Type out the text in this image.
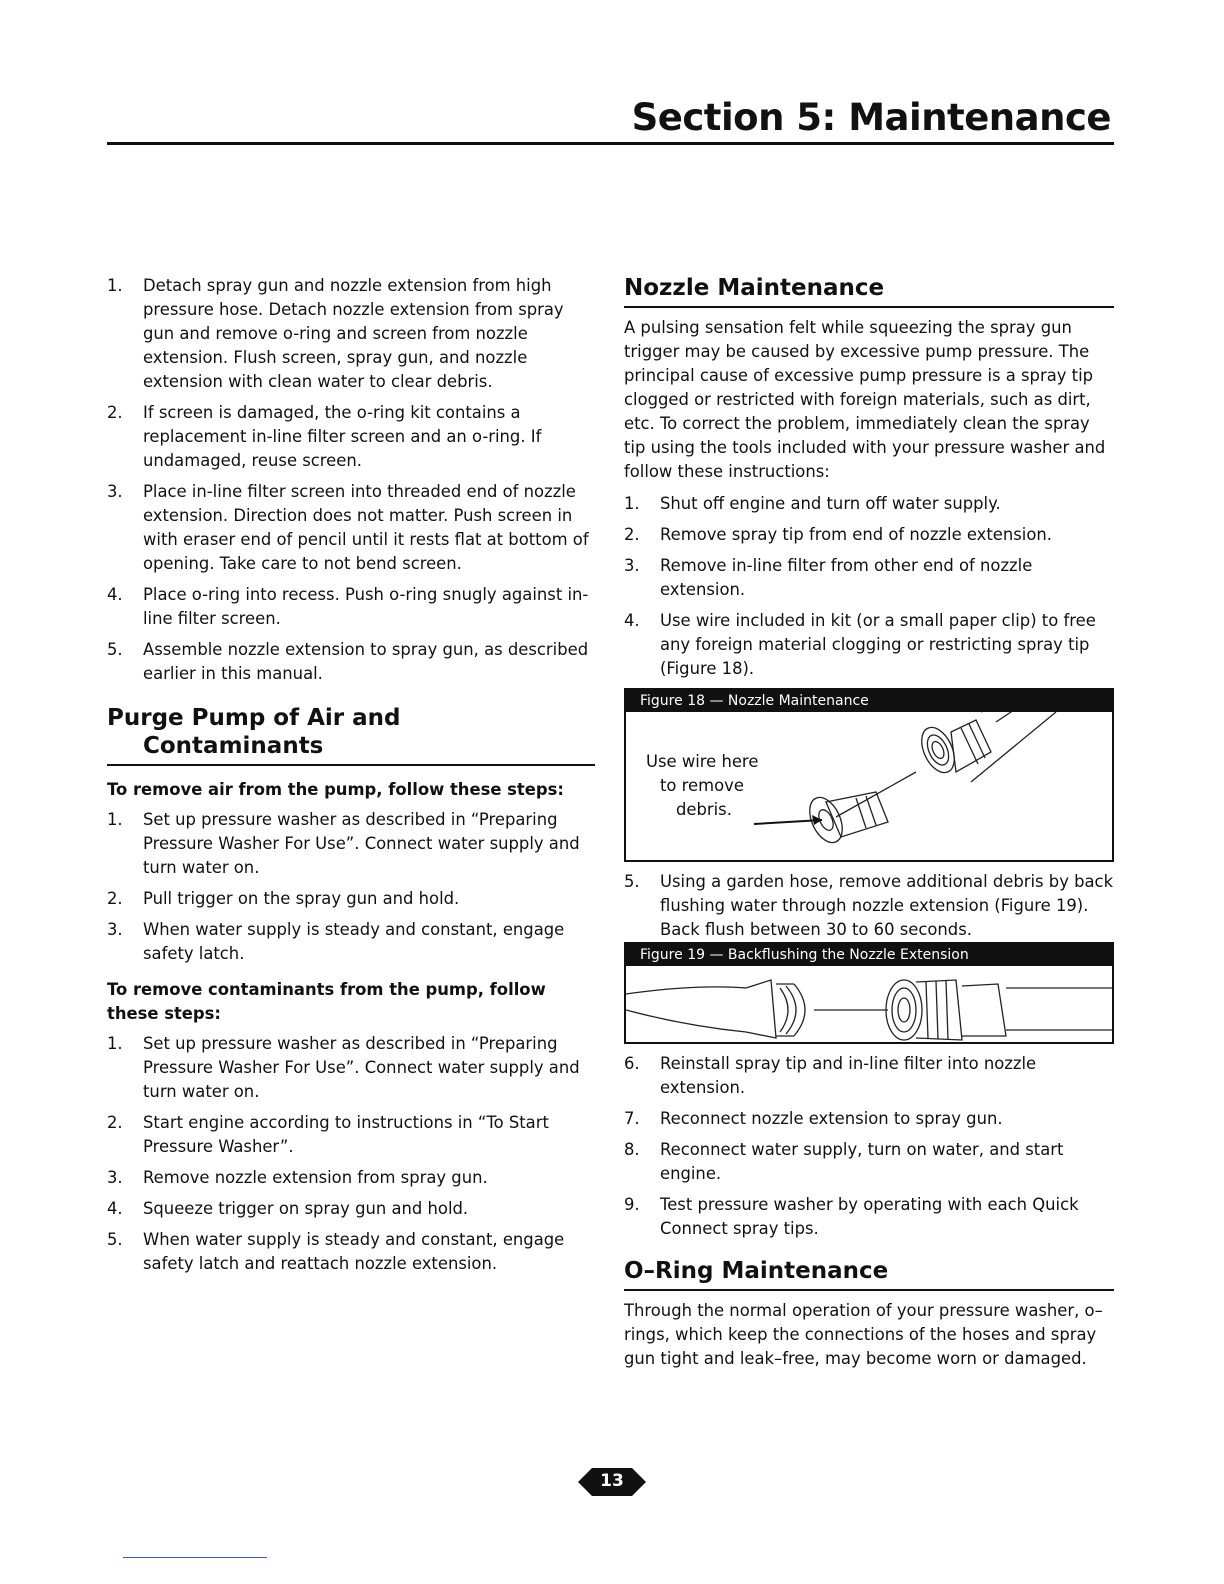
Section 5: Maintenance
1. Detach spray gun and nozzle extension from high pressure hose. Detach nozzle extension from spray gun and remove o-ring and screen from nozzle extension. Flush screen, spray gun, and nozzle extension with clean water to clear debris.
2. If screen is damaged, the o-ring kit contains a replacement in-line filter screen and an o-ring. If undamaged, reuse screen.
3. Place in-line filter screen into threaded end of nozzle extension. Direction does not matter. Push screen in with eraser end of pencil until it rests flat at bottom of opening. Take care to not bend screen.
4. Place o-ring into recess. Push o-ring snugly against in-line filter screen.
5. Assemble nozzle extension to spray gun, as described earlier in this manual.
Purge Pump of Air and
Contaminants
To remove air from the pump, follow these steps:
1. Set up pressure washer as described in “Preparing Pressure Washer For Use”. Connect water supply and turn water on.
2. Pull trigger on the spray gun and hold.
3. When water supply is steady and constant, engage safety latch.
To remove contaminants from the pump, follow these steps:
1. Set up pressure washer as described in “Preparing Pressure Washer For Use”. Connect water supply and turn water on.
2. Start engine according to instructions in “To Start Pressure Washer”.
3. Remove nozzle extension from spray gun.
4. Squeeze trigger on spray gun and hold.
5. When water supply is steady and constant, engage safety latch and reattach nozzle extension.
Nozzle Maintenance
A pulsing sensation felt while squeezing the spray gun trigger may be caused by excessive pump pressure. The principal cause of excessive pump pressure is a spray tip clogged or restricted with foreign materials, such as dirt, etc. To correct the problem, immediately clean the spray tip using the tools included with your pressure washer and follow these instructions:
1. Shut off engine and turn off water supply.
2. Remove spray tip from end of nozzle extension.
3. Remove in-line filter from other end of nozzle extension.
4. Use wire included in kit (or a small paper clip) to free any foreign material clogging or restricting spray tip (Figure 18).
Figure 18 — Nozzle Maintenance
Use wire here
to remove
debris.
5. Using a garden hose, remove additional debris by back flushing water through nozzle extension (Figure 19). Back flush between 30 to 60 seconds.
Figure 19 — Backflushing the Nozzle Extension
6. Reinstall spray tip and in-line filter into nozzle extension.
7. Reconnect nozzle extension to spray gun.
8. Reconnect water supply, turn on water, and start engine.
9. Test pressure washer by operating with each Quick Connect spray tips.
O–Ring Maintenance
Through the normal operation of your pressure washer, o–rings, which keep the connections of the hoses and spray gun tight and leak–free, may become worn or damaged.
13
